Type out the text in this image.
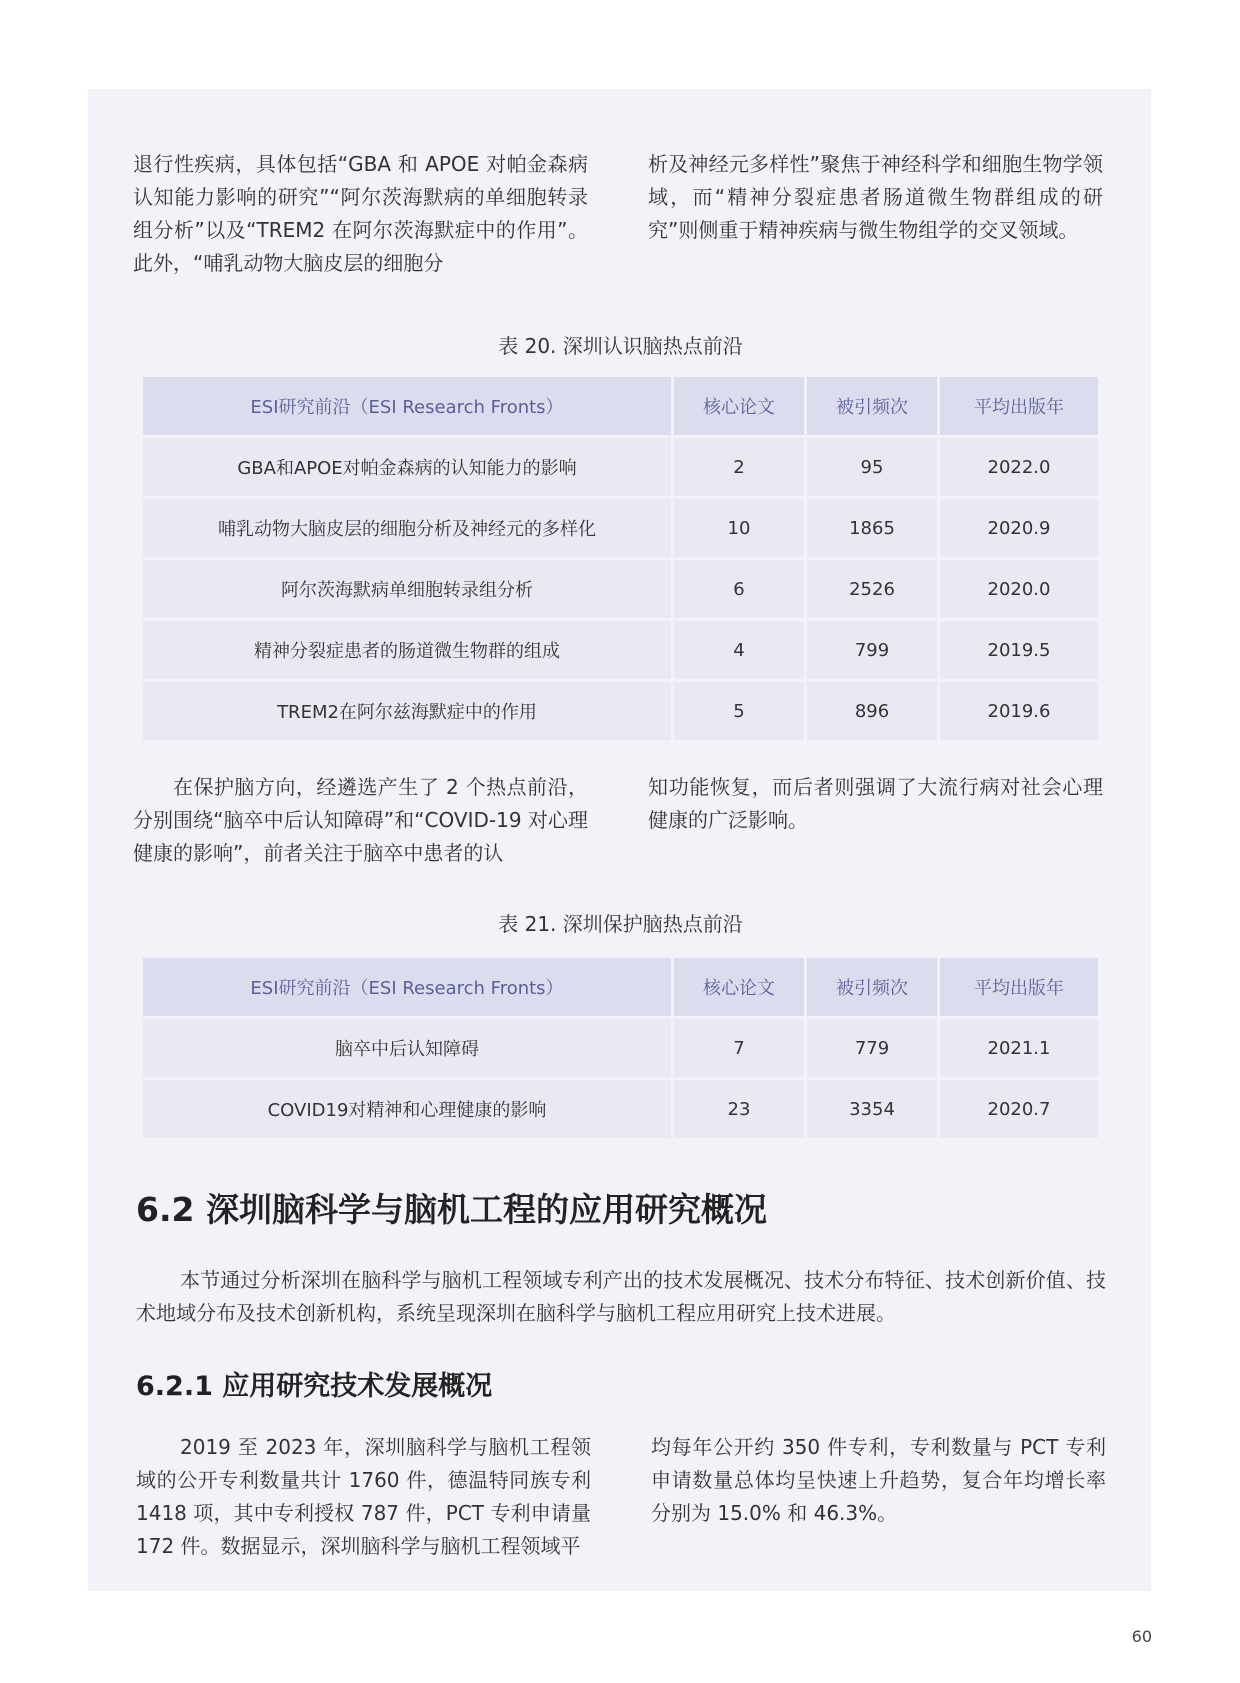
退行性疾病，具体包括“GBA 和 APOE 对帕金森病认知能力影响的研究”“阿尔茨海默病的单细胞转录组分析”以及“TREM2 在阿尔茨海默症中的作用”。此外，“哺乳动物大脑皮层的细胞分

析及神经元多样性”聚焦于神经科学和细胞生物学领域，而“精神分裂症患者肠道微生物群组成的研究”则侧重于精神疾病与微生物组学的交叉领域。

表 20. 深圳认识脑热点前沿
ESI研究前沿（ESI Research Fronts）	核心论文	被引频次	平均出版年
GBA和APOE对帕金森病的认知能力的影响	2	95	2022.0
哺乳动物大脑皮层的细胞分析及神经元的多样化	10	1865	2020.9
阿尔茨海默病单细胞转录组分析	6	2526	2020.0
精神分裂症患者的肠道微生物群的组成	4	799	2019.5
TREM2在阿尔兹海默症中的作用	5	896	2019.6

在保护脑方向，经遴选产生了 2 个热点前沿，分别围绕“脑卒中后认知障碍”和“COVID-19 对心理健康的影响”，前者关注于脑卒中患者的认

知功能恢复，而后者则强调了大流行病对社会心理健康的广泛影响。

表 21. 深圳保护脑热点前沿
ESI研究前沿（ESI Research Fronts）	核心论文	被引频次	平均出版年
脑卒中后认知障碍	7	779	2021.1
COVID19对精神和心理健康的影响	23	3354	2020.7
6.2 深圳脑科学与脑机工程的应用研究概况

本节通过分析深圳在脑科学与脑机工程领域专利产出的技术发展概况、技术分布特征、技术创新价值、技术地域分布及技术创新机构，系统呈现深圳在脑科学与脑机工程应用研究上技术进展。

6.2.1 应用研究技术发展概况

2019 至 2023 年，深圳脑科学与脑机工程领域的公开专利数量共计 1760 件，德温特同族专利 1418 项，其中专利授权 787 件，PCT 专利申请量 172 件。数据显示，深圳脑科学与脑机工程领域平

均每年公开约 350 件专利，专利数量与 PCT 专利申请数量总体均呈快速上升趋势，复合年均增长率分别为 15.0% 和 46.3%。

60
